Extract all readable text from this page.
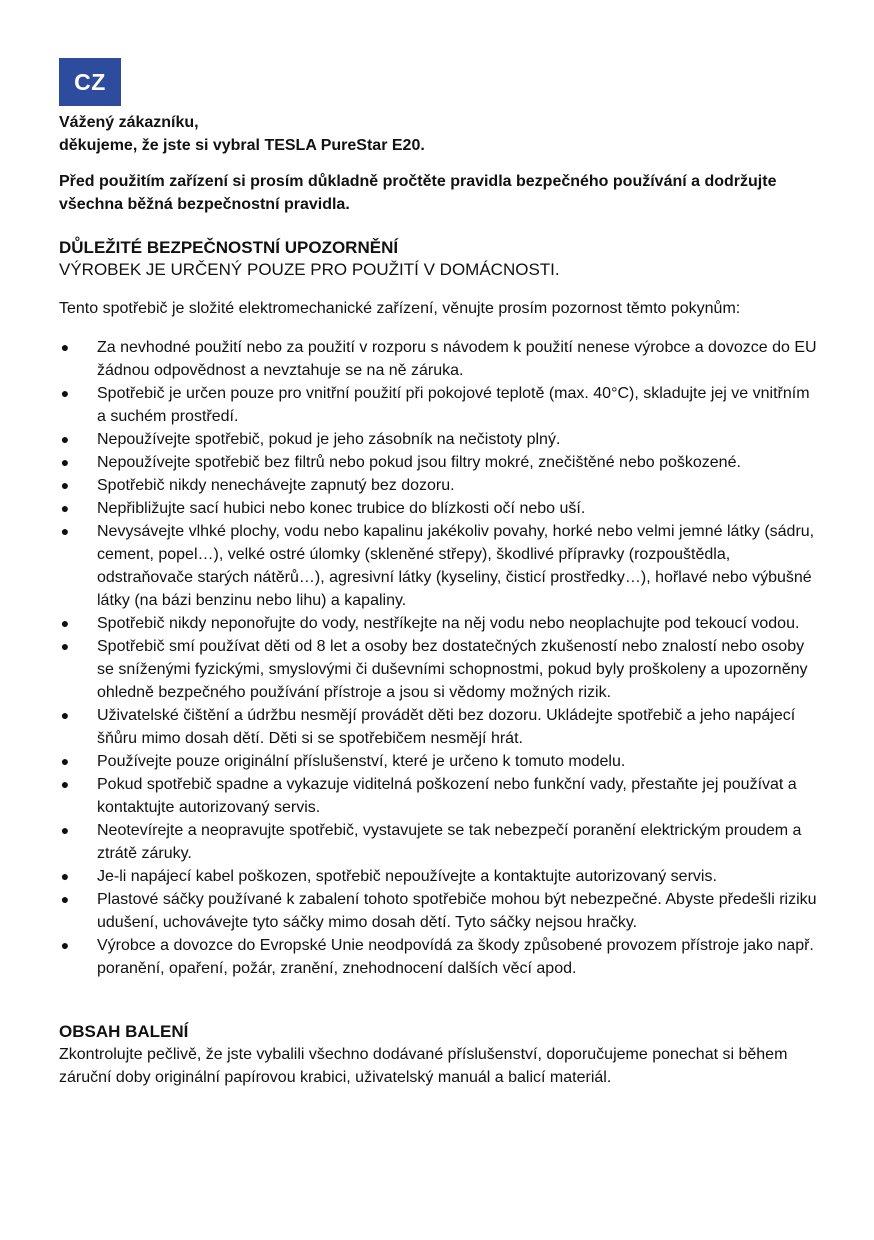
CZ
Vážený zákazníku,
děkujeme, že jste si vybral TESLA PureStar E20.
Před použitím zařízení si prosím důkladně pročtěte pravidla bezpečného používání a dodržujte všechna běžná bezpečnostní pravidla.
DŮLEŽITÉ BEZPEČNOSTNÍ UPOZORNĚNÍ
VÝROBEK JE URČENÝ POUZE PRO POUŽITÍ V DOMÁCNOSTI.
Tento spotřebič je složité elektromechanické zařízení, věnujte prosím pozornost těmto pokynům:
● Za nevhodné použití nebo za použití v rozporu s návodem k použití nenese výrobce a dovozce do EU žádnou odpovědnost a nevztahuje se na ně záruka.
● Spotřebič je určen pouze pro vnitřní použití při pokojové teplotě (max. 40°C), skladujte jej ve vnitřním a suchém prostředí.
● Nepoužívejte spotřebič, pokud je jeho zásobník na nečistoty plný.
● Nepoužívejte spotřebič bez filtrů nebo pokud jsou filtry mokré, znečištěné nebo poškozené.
● Spotřebič nikdy nenechávejte zapnutý bez dozoru.
● Nepřibližujte sací hubici nebo konec trubice do blízkosti očí nebo uší.
● Nevysávejte vlhké plochy, vodu nebo kapalinu jakékoliv povahy, horké nebo velmi jemné látky (sádru, cement, popel…), velké ostré úlomky (skleněné střepy), škodlivé přípravky (rozpouštědla, odstraňovače starých nátěrů…), agresivní látky (kyseliny, čisticí prostředky…), hořlavé nebo výbušné látky (na bázi benzinu nebo lihu) a kapaliny.
● Spotřebič nikdy neponořujte do vody, nestříkejte na něj vodu nebo neoplachujte pod tekoucí vodou.
● Spotřebič smí používat děti od 8 let a osoby bez dostatečných zkušeností nebo znalostí nebo osoby se sníženými fyzickými, smyslovými či duševními schopnostmi, pokud byly proškoleny a upozorněny ohledně bezpečného používání přístroje a jsou si vědomy možných rizik.
● Uživatelské čištění a údržbu nesmějí provádět děti bez dozoru. Ukládejte spotřebič a jeho napájecí šňůru mimo dosah dětí. Děti si se spotřebičem nesmějí hrát.
● Používejte pouze originální příslušenství, které je určeno k tomuto modelu.
● Pokud spotřebič spadne a vykazuje viditelná poškození nebo funkční vady, přestaňte jej používat a kontaktujte autorizovaný servis.
● Neotevírejte a neopravujte spotřebič, vystavujete se tak nebezpečí poranění elektrickým proudem a ztrátě záruky.
● Je-li napájecí kabel poškozen, spotřebič nepoužívejte a kontaktujte autorizovaný servis.
● Plastové sáčky používané k zabalení tohoto spotřebiče mohou být nebezpečné. Abyste předešli riziku udušení, uchovávejte tyto sáčky mimo dosah dětí. Tyto sáčky nejsou hračky.
● Výrobce a dovozce do Evropské Unie neodpovídá za škody způsobené provozem přístroje jako např. poranění, opaření, požár, zranění, znehodnocení dalších věcí apod.
OBSAH BALENÍ
Zkontrolujte pečlivě, že jste vybalili všechno dodávané příslušenství, doporučujeme ponechat si během záruční doby originální papírovou krabici, uživatelský manuál a balicí materiál.
